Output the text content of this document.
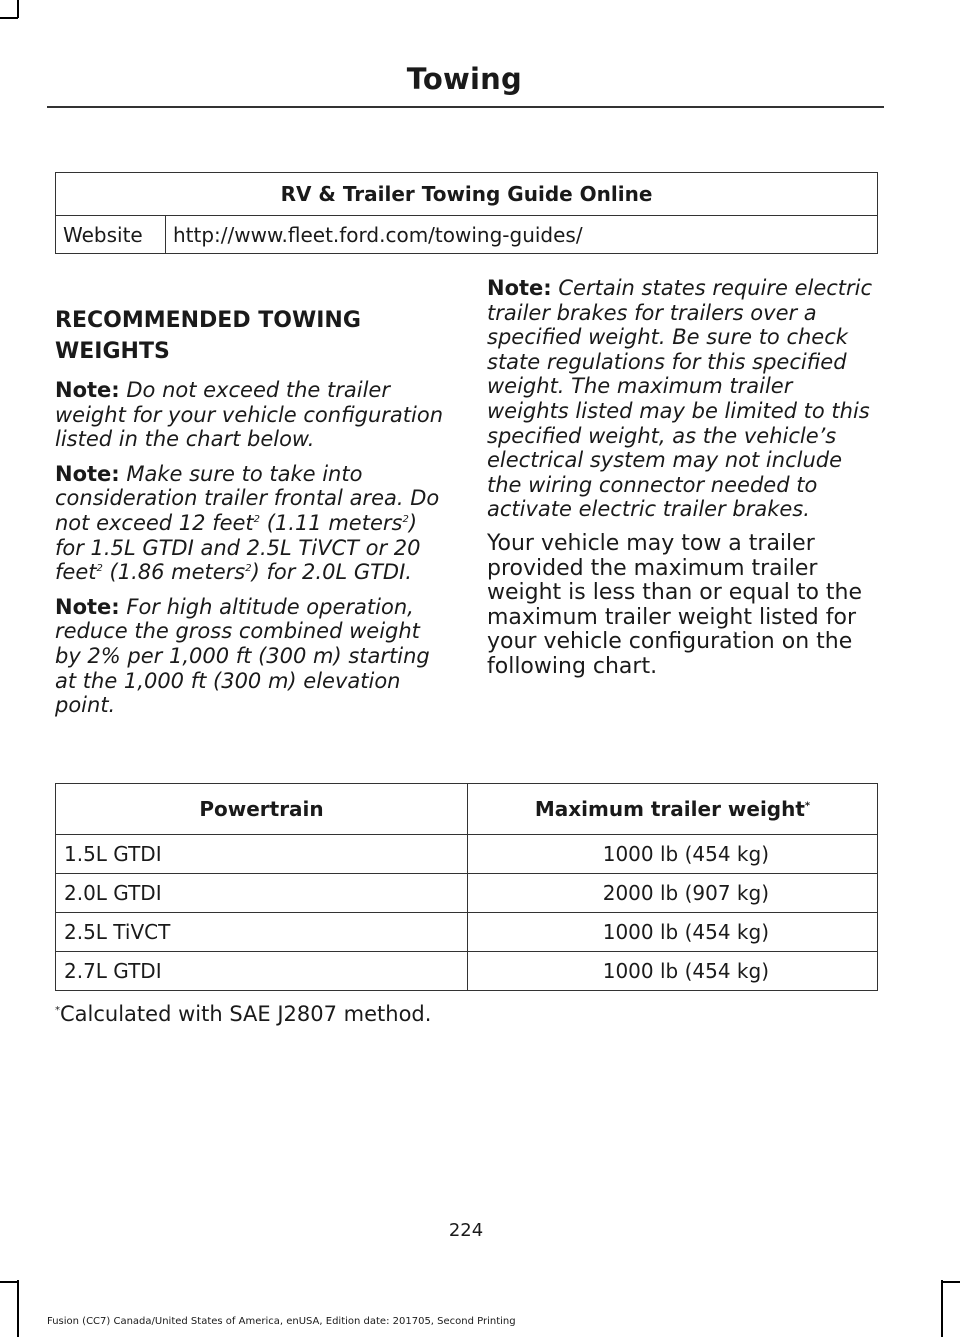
Towing
RV & Trailer Towing Guide Online
Website	http://www.fleet.ford.com/towing-guides/
RECOMMENDED TOWING
WEIGHTS

Note: Do not exceed the trailer weight for your vehicle configuration listed in the chart below.

Note: Make sure to take into consideration trailer frontal area. Do not exceed 12 feet$^2$ (1.11 meters$^2$) for 1.5L GTDI and 2.5L TiVCT or 20 feet$^2$ (1.86 meters$^2$) for 2.0L GTDI.

Note: For high altitude operation, reduce the gross combined weight by 2% per 1,000 ft (300 m) starting at the 1,000 ft (300 m) elevation point.

Note: Certain states require electric trailer brakes for trailers over a specified weight. Be sure to check state regulations for this specified weight. The maximum trailer weights listed may be limited to this specified weight, as the vehicle’s electrical system may not include the wiring connector needed to activate electric trailer brakes.

Your vehicle may tow a trailer provided the maximum trailer weight is less than or equal to the maximum trailer weight listed for your vehicle configuration on the following chart.

Powertrain	Maximum trailer weight*
1.5L GTDI	1000 lb (454 kg)
2.0L GTDI	2000 lb (907 kg)
2.5L TiVCT	1000 lb (454 kg)
2.7L GTDI	1000 lb (454 kg)
*Calculated with SAE J2807 method.
224
Fusion (CC7) Canada/United States of America, enUSA, Edition date: 201705, Second Printing
